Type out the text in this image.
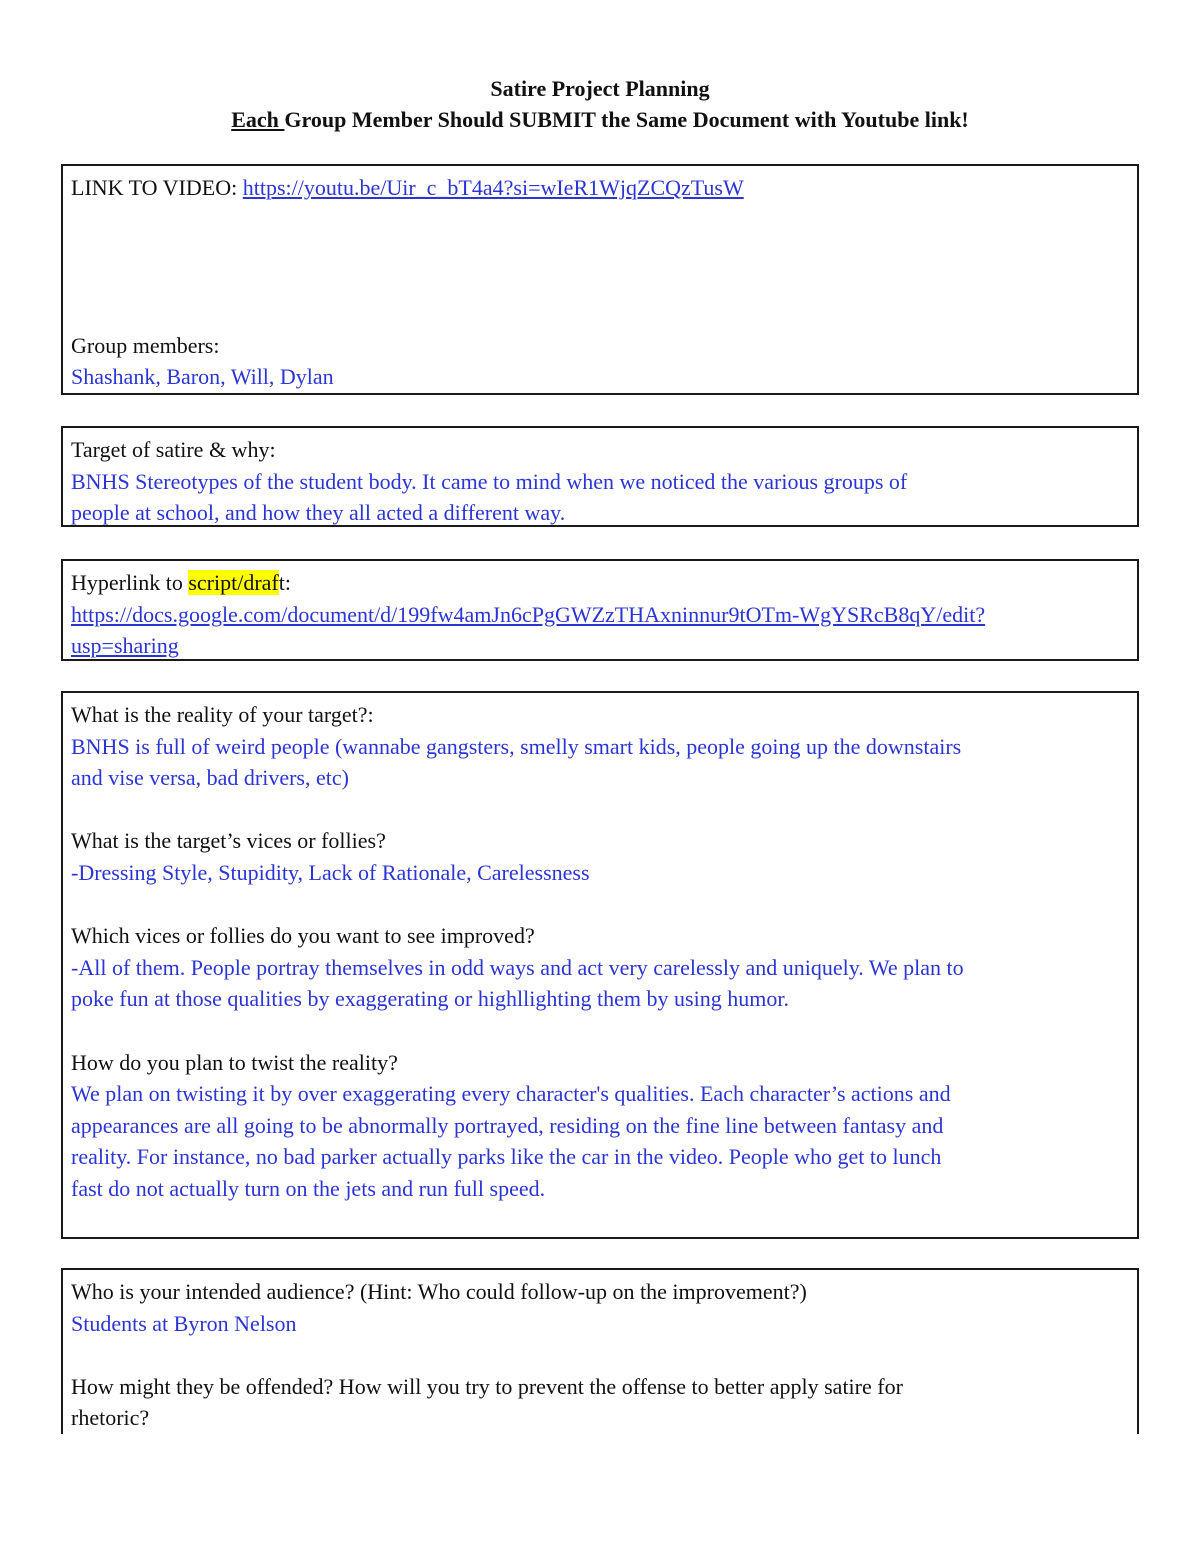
Satire Project Planning
Each Group Member Should SUBMIT the Same Document with Youtube link!
LINK TO VIDEO: https://youtu.be/Uir_c_bT4a4?si=wIeR1WjqZCQzTusW
Group members:
Shashank, Baron, Will, Dylan
Target of satire & why:
BNHS Stereotypes of the student body. It came to mind when we noticed the various groups of
people at school, and how they all acted a different way.
Hyperlink to script/draft:
https://docs.google.com/document/d/199fw4amJn6cPgGWZzTHAxninnur9tOTm-WgYSRcB8qY/edit?
usp=sharing
What is the reality of your target?:
BNHS is full of weird people (wannabe gangsters, smelly smart kids, people going up the downstairs
and vise versa, bad drivers, etc)
What is the target’s vices or follies?
-Dressing Style, Stupidity, Lack of Rationale, Carelessness
Which vices or follies do you want to see improved?
-All of them. People portray themselves in odd ways and act very carelessly and uniquely. We plan to
poke fun at those qualities by exaggerating or highllighting them by using humor.
How do you plan to twist the reality?
We plan on twisting it by over exaggerating every character's qualities. Each character’s actions and
appearances are all going to be abnormally portrayed, residing on the fine line between fantasy and
reality. For instance, no bad parker actually parks like the car in the video. People who get to lunch
fast do not actually turn on the jets and run full speed.
Who is your intended audience? (Hint: Who could follow-up on the improvement?)
Students at Byron Nelson
How might they be offended? How will you try to prevent the offense to better apply satire for
rhetoric?
